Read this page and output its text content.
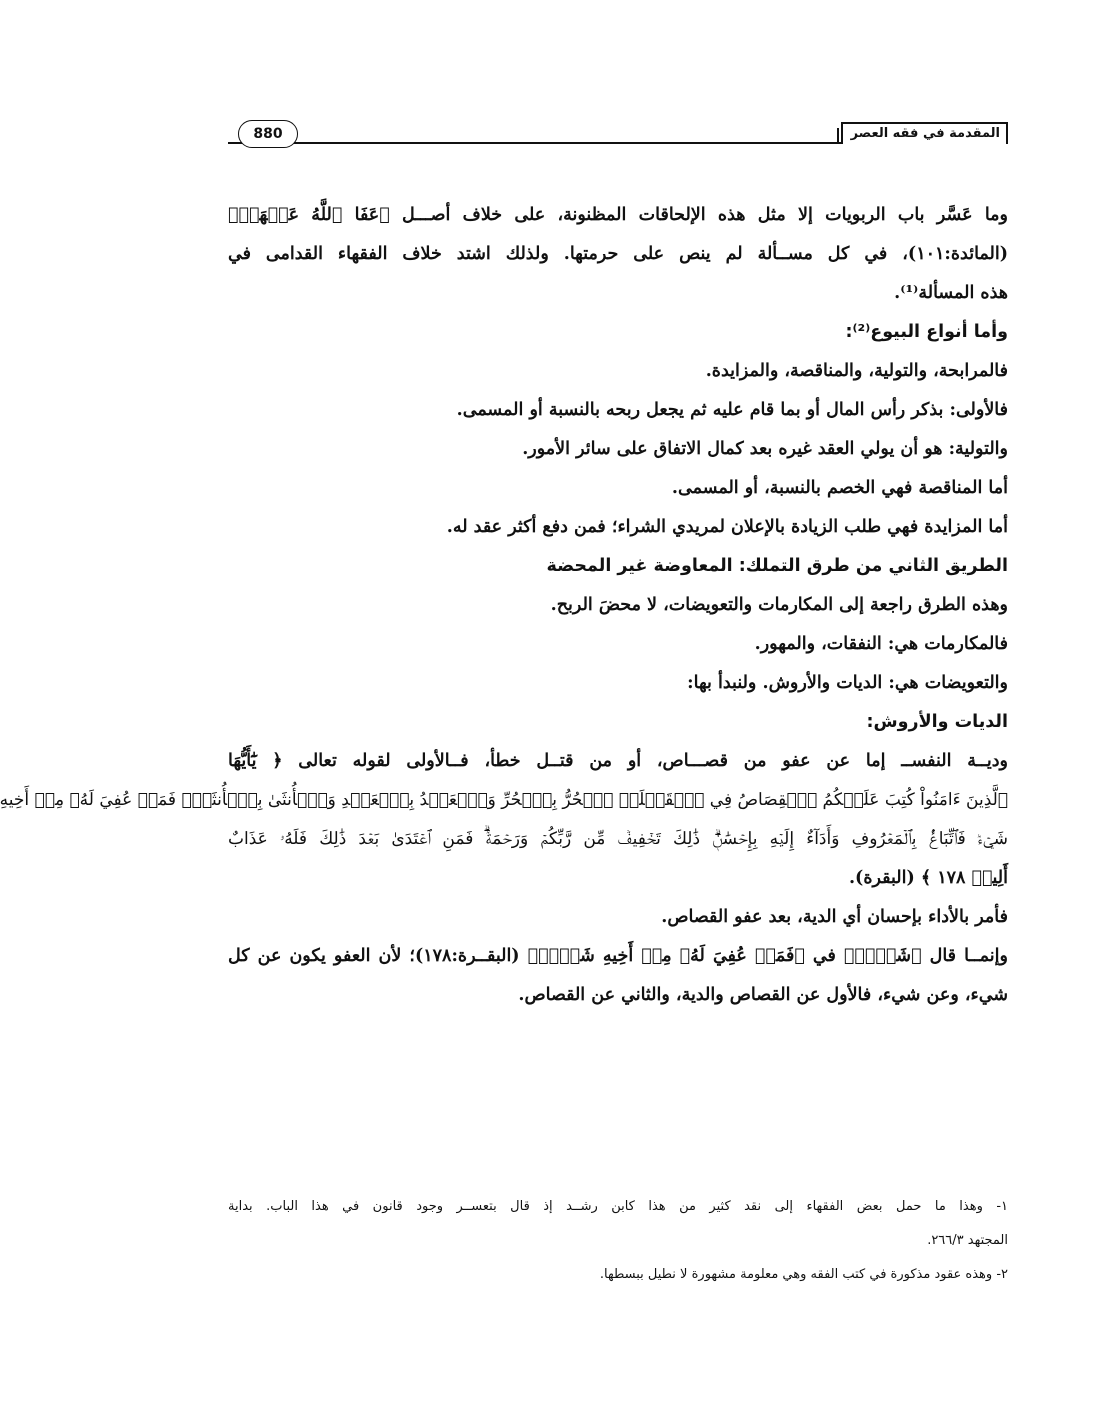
المقدمة في فقه العصر
880
وما عَسَّر باب الربويات إلا مثل هذه الإلحاقات المظنونة، على خلاف أصـــل ﴿عَفَا ٱللَّهُ عَنۡهَاۗ﴾
(المائدة:١٠١)، في كل مســألة لم ينص على حرمتها. ولذلك اشتد خلاف الفقهاء القدامى في
هذه المسألة⁽¹⁾.
وأما أنواع البيوع⁽²⁾:
فالمرابحة، والتولية، والمناقصة، والمزايدة.
فالأولى: بذكر رأس المال أو بما قام عليه ثم يجعل ربحه بالنسبة أو المسمى.
والتولية: هو أن يولي العقد غيره بعد كمال الاتفاق على سائر الأمور.
أما المناقصة فهي الخصم بالنسبة، أو المسمى.
أما المزايدة فهي طلب الزيادة بالإعلان لمريدي الشراء؛ فمن دفع أكثر عقد له.
الطريق الثاني من طرق التملك: المعاوضة غير المحضة
وهذه الطرق راجعة إلى المكارمات والتعويضات، لا محضَ الربح.
فالمكارمات هي: النفقات، والمهور.
والتعويضات هي: الديات والأروش. ولنبدأ بها:
الديات والأروش:
وديــة النفســ إما عن عفو من قصـــاص، أو من قتــل خطأ، فــالأولى لقوله تعالى ﴿ يَٰٓأَيُّهَا
ٱلَّذِينَ ءَامَنُواْ كُتِبَ عَلَيۡكُمُ ٱلۡقِصَاصُ فِي ٱلۡقَتۡلَىۖ ٱلۡحُرُّ بِٱلۡحُرِّ وَٱلۡعَبۡدُ بِٱلۡعَبۡدِ وَٱلۡأُنثَىٰ بِٱلۡأُنثَىٰۚ فَمَنۡ عُفِيَ لَهُۥ مِنۡ أَخِيهِ
شَيۡءٞ فَٱتِّبَاعُۢ بِٱلۡمَعۡرُوفِ وَأَدَآءٌ إِلَيۡهِ بِإِحۡسَٰنٖۗ ذَٰلِكَ تَخۡفِيفٞ مِّن رَّبِّكُمۡ وَرَحۡمَةٞۗ فَمَنِ ٱعۡتَدَىٰ بَعۡدَ ذَٰلِكَ فَلَهُۥ عَذَابٌ
أَلِيمٞ ١٧٨ ﴾ (البقرة).
فأمر بالأداء بإحسان أي الدية، بعد عفو القصاص.
وإنمــا قال ﴿شَيۡءٞ﴾ في ﴿فَمَنۡ عُفِيَ لَهُۥ مِنۡ أَخِيهِ شَيۡءٞ﴾ (البقــرة:١٧٨)؛ لأن العفو يكون عن كل
شيء، وعن شيء، فالأول عن القصاص والدية، والثاني عن القصاص.
١- وهذا ما حمل بعض الفقهاء إلى نقد كثير من هذا كابن رشــد إذ قال بتعســر وجود قانون في هذا الباب. بداية
المجتهد ٢٦٦/٣.
٢- وهذه عقود مذكورة في كتب الفقه وهي معلومة مشهورة لا نطيل ببسطها.
